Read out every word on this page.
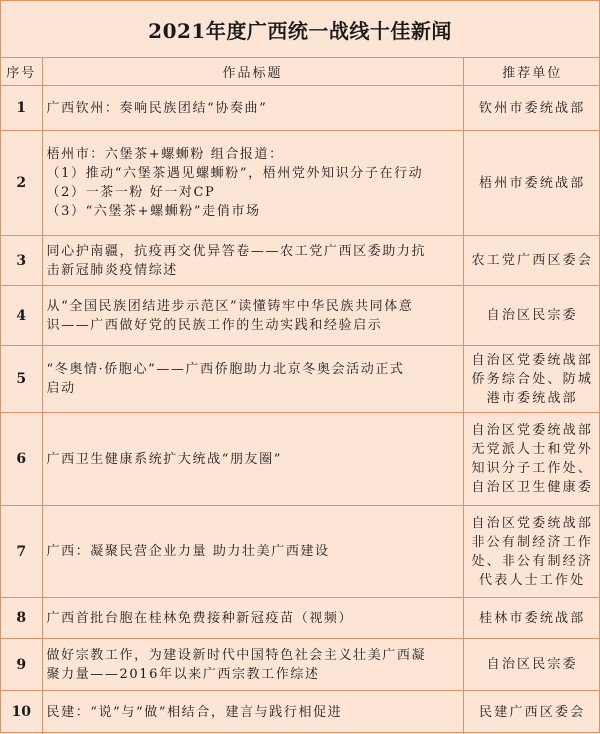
2021年度广西统一战线十佳新闻
序号	作品标题	推荐单位
1	广西钦州：奏响民族团结“协奏曲”	钦州市委统战部

2	梧州市：六堡茶+螺蛳粉 组合报道：
（1）推动“六堡茶遇见螺蛳粉”，梧州党外知识分子在行动
（2）一茶一粉 好一对CP
（3）“六堡茶+螺蛳粉”走俏市场	梧州市委统战部

3	同心护南疆，抗疫再交优异答卷——农工党广西区委助力抗
击新冠肺炎疫情综述	农工党广西区委会

4	从“全国民族团结进步示范区”读懂铸牢中华民族共同体意
识——广西做好党的民族工作的生动实践和经验启示	自治区民宗委

5	“冬奥情·侨胞心”——广西侨胞助力北京冬奥会活动正式
启动	自治区党委统战部
侨务综合处、防城
港市委统战部

6	广西卫生健康系统扩大统战“朋友圈”	自治区党委统战部
无党派人士和党外
知识分子工作处、
自治区卫生健康委

7	广西：凝聚民营企业力量 助力壮美广西建设	自治区党委统战部
非公有制经济工作
处、非公有制经济
代表人士工作处

8	广西首批台胞在桂林免费接种新冠疫苗（视频）	桂林市委统战部

9	做好宗教工作，为建设新时代中国特色社会主义壮美广西凝
聚力量——2016年以来广西宗教工作综述	自治区民宗委

10	民建：“说”与“做”相结合，建言与践行相促进	民建广西区委会
